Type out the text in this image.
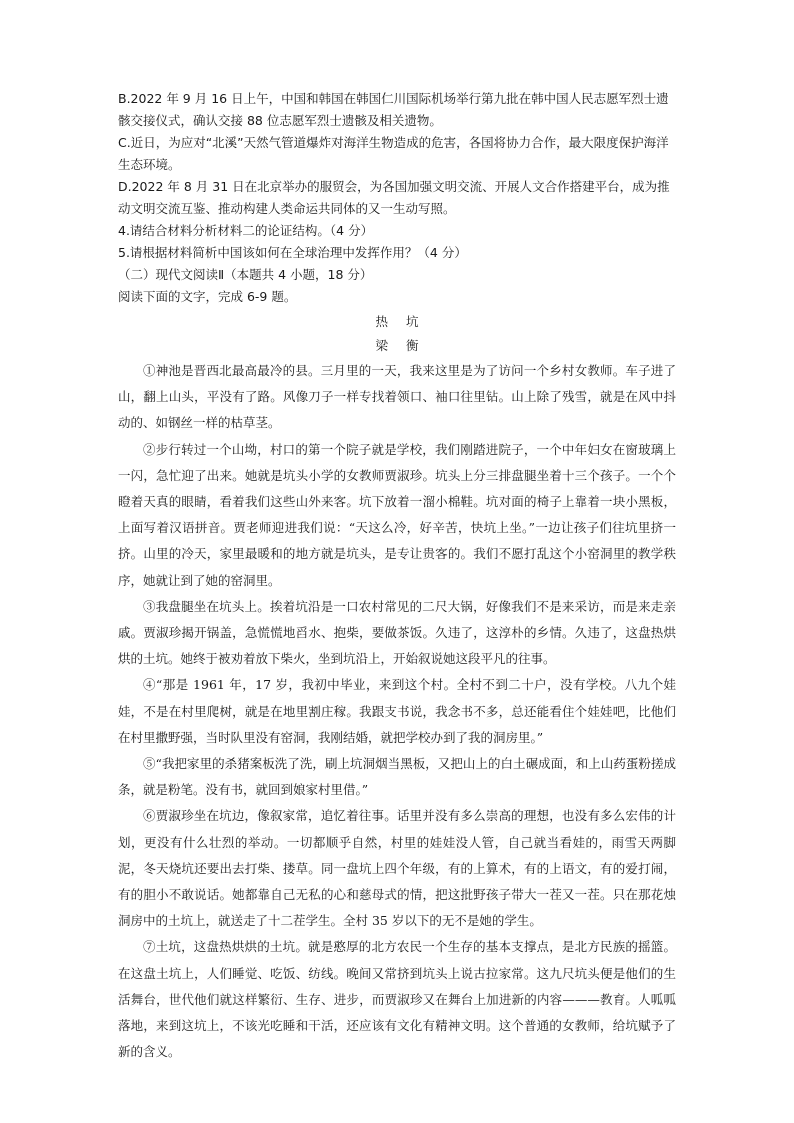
B.2022 年 9 月 16 日上午，中国和韩国在韩国仁川国际机场举行第九批在韩中国人民志愿军烈士遗骸交接仪式，确认交接 88 位志愿军烈士遗骸及相关遗物。

C.近日，为应对“北溪”天然气管道爆炸对海洋生物造成的危害，各国将协力合作，最大限度保护海洋生态环境。

D.2022 年 8 月 31 日在北京举办的服贸会，为各国加强文明交流、开展人文合作搭建平台，成为推动文明交流互鉴、推动构建人类命运共同体的又一生动写照。

4.请结合材料分析材料二的论证结构。（4 分）

5.请根据材料简析中国该如何在全球治理中发挥作用？（4 分）

（二）现代文阅读Ⅱ（本题共 4 小题，18 分）

阅读下面的文字，完成 6-9 题。

热坑

梁衡

①神池是晋西北最高最冷的县。三月里的一天，我来这里是为了访问一个乡村女教师。车子进了山，翻上山头，平没有了路。风像刀子一样专找着领口、袖口往里钻。山上除了残雪，就是在风中抖动的、如钢丝一样的枯草茎。

②步行转过一个山坳，村口的第一个院子就是学校，我们刚踏进院子，一个中年妇女在窗玻璃上一闪，急忙迎了出来。她就是坑头小学的女教师贾淑珍。坑头上分三排盘腿坐着十三个孩子。一个个瞪着天真的眼睛，看着我们这些山外来客。坑下放着一溜小棉鞋。坑对面的椅子上靠着一块小黑板，上面写着汉语拼音。贾老师迎进我们说：“天这么冷，好辛苦，快坑上坐。”一边让孩子们往坑里挤一挤。山里的冷天，家里最暖和的地方就是坑头，是专让贵客的。我们不愿打乱这个小窑洞里的教学秩序，她就让到了她的窑洞里。

③我盘腿坐在坑头上。挨着坑沿是一口农村常见的二尺大锅，好像我们不是来采访，而是来走亲戚。贾淑珍揭开锅盖，急慌慌地舀水、抱柴，要做茶饭。久违了，这淳朴的乡情。久违了，这盘热烘烘的土坑。她终于被劝着放下柴火，坐到坑沿上，开始叙说她这段平凡的往事。

④“那是 1961 年，17 岁，我初中毕业，来到这个村。全村不到二十户，没有学校。八九个娃娃，不是在村里爬树，就是在地里割庄稼。我跟支书说，我念书不多，总还能看住个娃娃吧，比他们在村里撒野强，当时队里没有窑洞，我刚结婚，就把学校办到了我的洞房里。”

⑤“我把家里的杀猪案板洗了洗，刷上坑洞烟当黑板，又把山上的白土碾成面，和上山药蛋粉搓成条，就是粉笔。没有书，就回到娘家村里借。”

⑥贾淑珍坐在坑边，像叙家常，追忆着往事。话里并没有多么崇高的理想，也没有多么宏伟的计划，更没有什么壮烈的举动。一切都顺乎自然，村里的娃娃没人管，自己就当看娃的，雨雪天两脚泥，冬天烧坑还要出去打柴、搂草。同一盘坑上四个年级，有的上算术，有的上语文，有的爱打闹，有的胆小不敢说话。她都靠自己无私的心和慈母式的情，把这批野孩子带大一茬又一茬。只在那花烛洞房中的土坑上，就送走了十二茬学生。全村 35 岁以下的无不是她的学生。

⑦土坑，这盘热烘烘的土坑。就是憨厚的北方农民一个生存的基本支撑点，是北方民族的摇篮。在这盘土坑上，人们睡觉、吃饭、纺线。晚间又常挤到坑头上说古拉家常。这九尺坑头便是他们的生活舞台，世代他们就这样繁衍、生存、进步，而贾淑珍又在舞台上加进新的内容———教育。人呱呱落地，来到这坑上，不该光吃睡和干活，还应该有文化有精神文明。这个普通的女教师，给坑赋予了新的含义。
